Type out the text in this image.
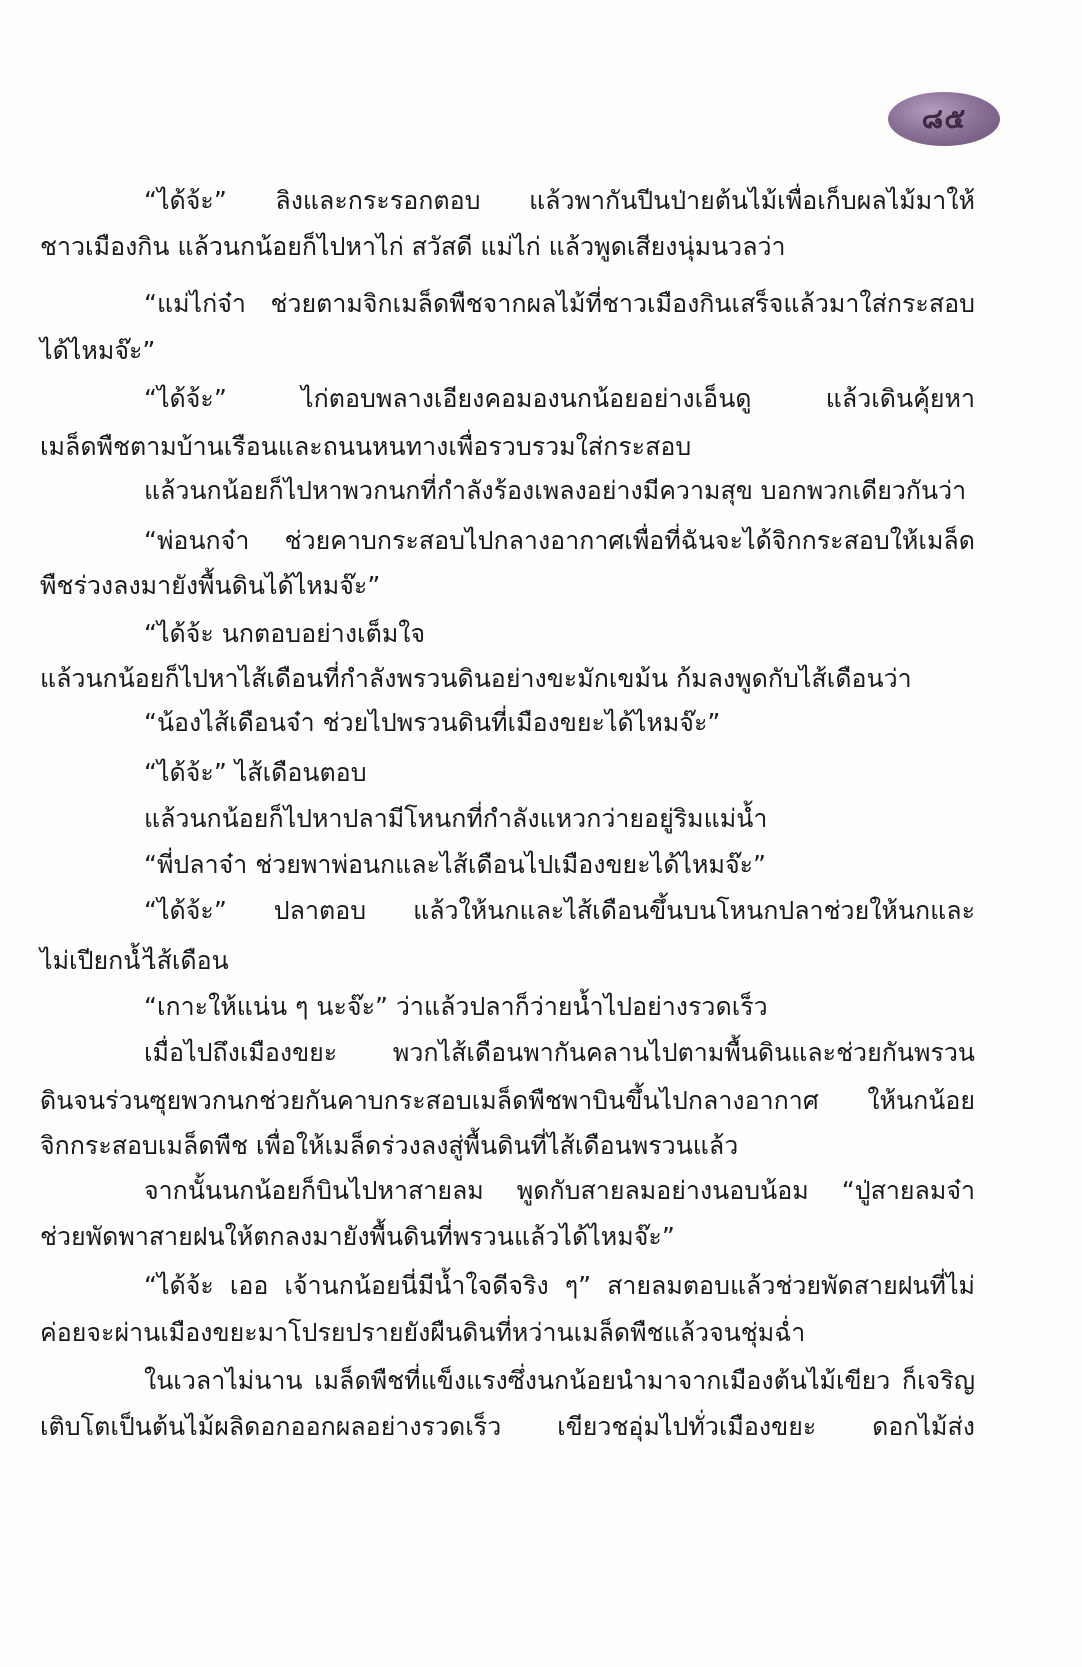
๘๕
“ได้จ้ะ” ลิงและกระรอกตอบ แล้วพากันปีนป่ายต้นไม้เพื่อเก็บผลไม้มาให้
ชาวเมืองกิน แล้วนกน้อยก็ไปหาไก่ สวัสดี แม่ไก่ แล้วพูดเสียงนุ่มนวลว่า
“แม่ไก่จ๋า ช่วยตามจิกเมล็ดพืชจากผลไม้ที่ชาวเมืองกินเสร็จแล้วมาใส่กระสอบ
ได้ไหมจ๊ะ”
“ได้จ้ะ” ไก่ตอบพลางเอียงคอมองนกน้อยอย่างเอ็นดู แล้วเดินคุ้ยหา
เมล็ดพืชตามบ้านเรือนและถนนหนทางเพื่อรวบรวมใส่กระสอบ
แล้วนกน้อยก็ไปหาพวกนกที่กำลังร้องเพลงอย่างมีความสุข บอกพวกเดียวกันว่า
“พ่อนกจ๋า ช่วยคาบกระสอบไปกลางอากาศเพื่อที่ฉันจะได้จิกกระสอบให้เมล็ด
พืชร่วงลงมายังพื้นดินได้ไหมจ๊ะ”
“ได้จ้ะ นกตอบอย่างเต็มใจ
แล้วนกน้อยก็ไปหาไส้เดือนที่กำลังพรวนดินอย่างขะมักเขม้น ก้มลงพูดกับไส้เดือนว่า
“น้องไส้เดือนจ๋า ช่วยไปพรวนดินที่เมืองขยะได้ไหมจ๊ะ”
“ได้จ้ะ” ไส้เดือนตอบ
แล้วนกน้อยก็ไปหาปลามีโหนกที่กำลังแหวกว่ายอยู่ริมแม่น้ำ
“พี่ปลาจ๋า ช่วยพาพ่อนกและไส้เดือนไปเมืองขยะได้ไหมจ๊ะ”
“ได้จ้ะ” ปลาตอบ แล้วให้นกและไส้เดือนขึ้นบนโหนกปลาช่วยให้นกและไส้เดือน
ไม่เปียกน้ำ
“เกาะให้แน่น ๆ นะจ๊ะ” ว่าแล้วปลาก็ว่ายน้ำไปอย่างรวดเร็ว
เมื่อไปถึงเมืองขยะ พวกไส้เดือนพากันคลานไปตามพื้นดินและช่วยกันพรวน
ดินจนร่วนซุยพวกนกช่วยกันคาบกระสอบเมล็ดพืชพาบินขึ้นไปกลางอากาศ ให้นกน้อย
จิกกระสอบเมล็ดพืช เพื่อให้เมล็ดร่วงลงสู่พื้นดินที่ไส้เดือนพรวนแล้ว
จากนั้นนกน้อยก็บินไปหาสายลม พูดกับสายลมอย่างนอบน้อม “ปู่สายลมจ๋า
ช่วยพัดพาสายฝนให้ตกลงมายังพื้นดินที่พรวนแล้วได้ไหมจ๊ะ”
“ได้จ้ะ เออ เจ้านกน้อยนี่มีน้ำใจดีจริง ๆ” สายลมตอบแล้วช่วยพัดสายฝนที่ไม่
ค่อยจะผ่านเมืองขยะมาโปรยปรายยังผืนดินที่หว่านเมล็ดพืชแล้วจนชุ่มฉ่ำ
ในเวลาไม่นาน เมล็ดพืชที่แข็งแรงซึ่งนกน้อยนำมาจากเมืองต้นไม้เขียว ก็เจริญ
เติบโตเป็นต้นไม้ผลิดอกออกผลอย่างรวดเร็ว เขียวชอุ่มไปทั่วเมืองขยะ ดอกไม้ส่ง
